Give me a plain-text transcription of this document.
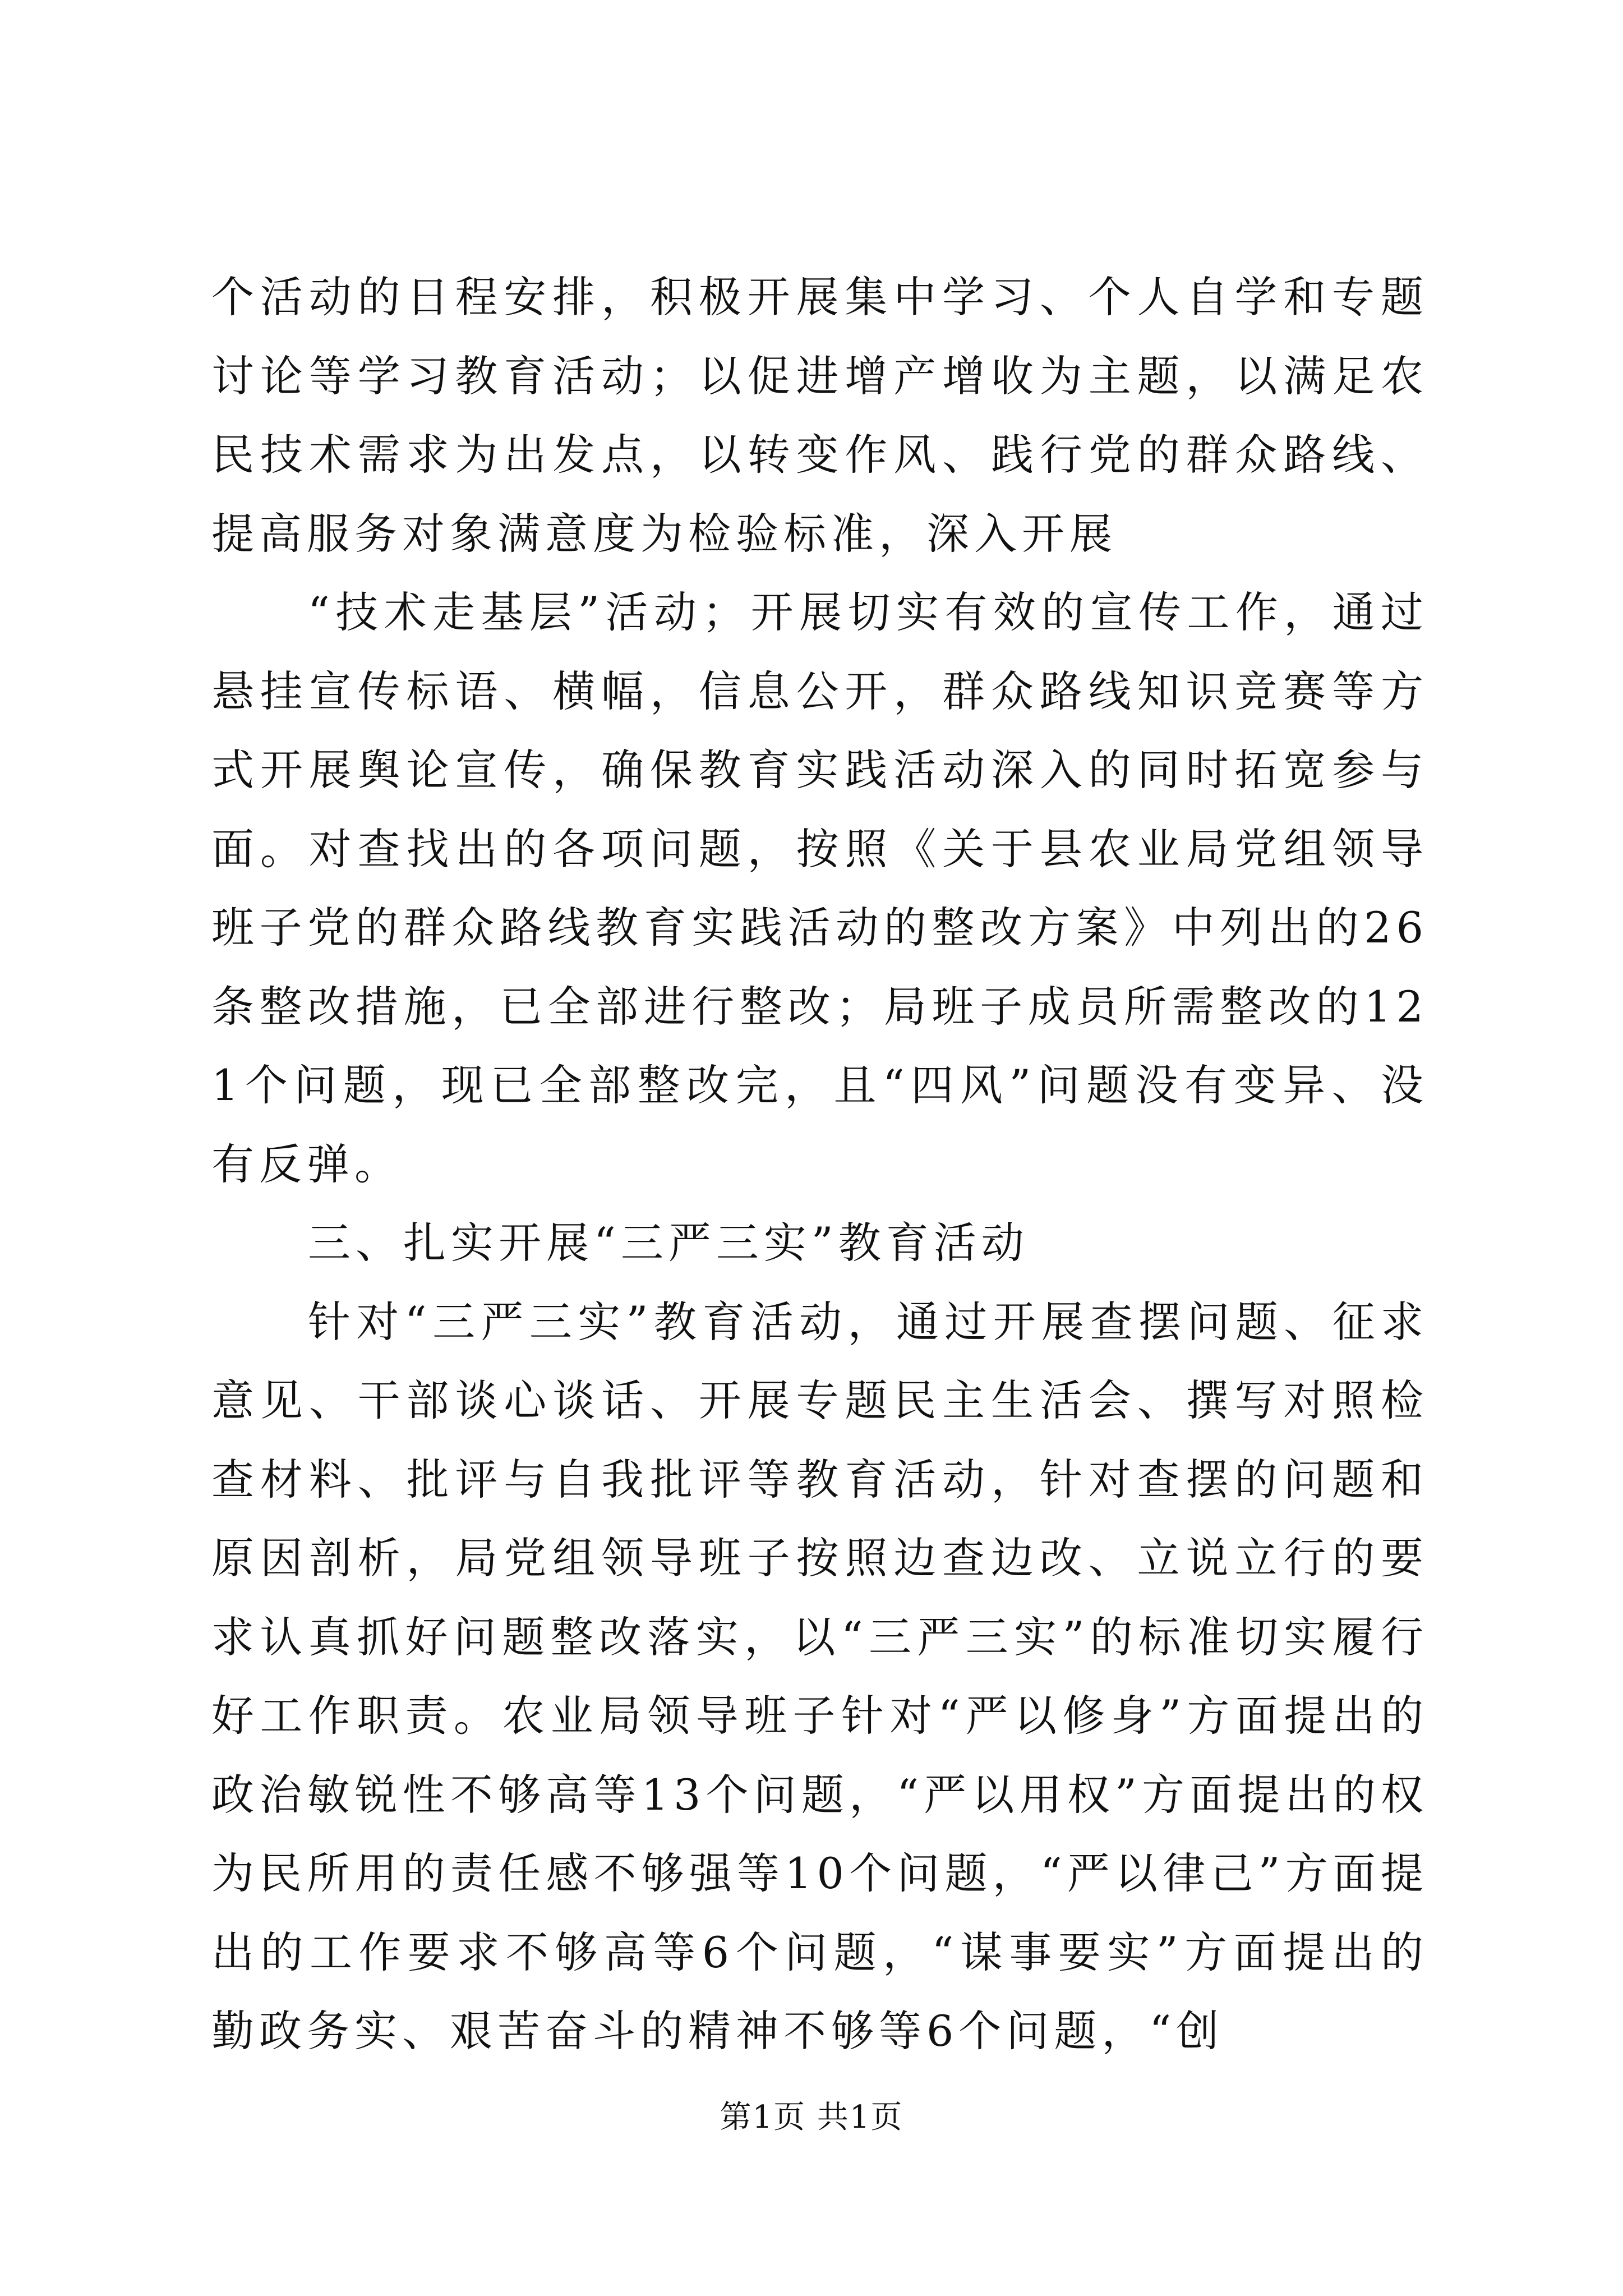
个活动的日程安排，积极开展集中学习、个人自学和专题讨论等学习教育活动；以促进增产增收为主题，以满足农民技术需求为出发点，以转变作风、践行党的群众路线、提高服务对象满意度为检验标准，深入开展

“技术走基层”活动；开展切实有效的宣传工作，通过悬挂宣传标语、横幅，信息公开，群众路线知识竞赛等方式开展舆论宣传，确保教育实践活动深入的同时拓宽参与面。对查找出的各项问题，按照《关于县农业局党组领导班子党的群众路线教育实践活动的整改方案》中列出的26条整改措施，已全部进行整改；局班子成员所需整改的121个问题，现已全部整改完，且“四风”问题没有变异、没有反弹。

三、扎实开展“三严三实”教育活动

针对“三严三实”教育活动，通过开展查摆问题、征求意见、干部谈心谈话、开展专题民主生活会、撰写对照检查材料、批评与自我批评等教育活动，针对查摆的问题和原因剖析，局党组领导班子按照边查边改、立说立行的要求认真抓好问题整改落实，以“三严三实”的标准切实履行好工作职责。农业局领导班子针对“严以修身”方面提出的政治敏锐性不够高等13个问题，“严以用权”方面提出的权为民所用的责任感不够强等10个问题，“严以律己”方面提出的工作要求不够高等6个问题，“谋事要实”方面提出的勤政务实、艰苦奋斗的精神不够等6个问题，“创

第1页 共1页
